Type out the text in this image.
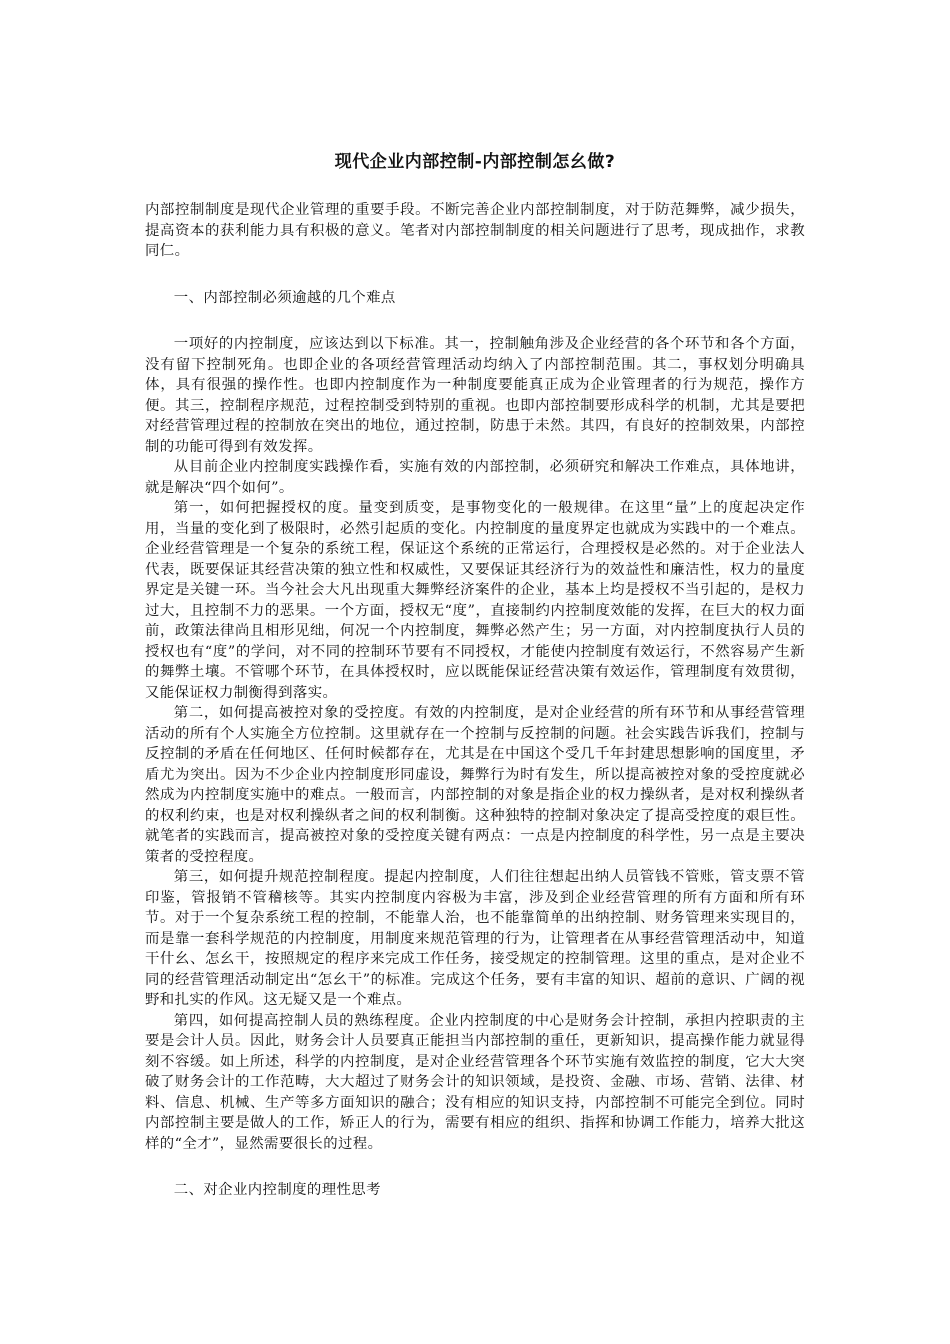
现代企业内部控制-内部控制怎幺做?

内部控制制度是现代企业管理的重要手段。不断完善企业内部控制制度，对于防范舞弊，减少损失，提高资本的获利能力具有积极的意义。笔者对内部控制制度的相关问题进行了思考，现成拙作，求教同仁。

一、内部控制必须逾越的几个难点

一项好的内控制度，应该达到以下标准。其一，控制触角涉及企业经营的各个环节和各个方面，没有留下控制死角。也即企业的各项经营管理活动均纳入了内部控制范围。其二，事权划分明确具体，具有很强的操作性。也即内控制度作为一种制度要能真正成为企业管理者的行为规范，操作方便。其三，控制程序规范，过程控制受到特别的重视。也即内部控制要形成科学的机制，尤其是要把对经营管理过程的控制放在突出的地位，通过控制，防患于未然。其四，有良好的控制效果，内部控制的功能可得到有效发挥。

从目前企业内控制度实践操作看，实施有效的内部控制，必须研究和解决工作难点，具体地讲，就是解决“四个如何”。

第一，如何把握授权的度。量变到质变，是事物变化的一般规律。在这里“量”上的度起决定作用，当量的变化到了极限时，必然引起质的变化。内控制度的量度界定也就成为实践中的一个难点。企业经营管理是一个复杂的系统工程，保证这个系统的正常运行，合理授权是必然的。对于企业法人代表，既要保证其经营决策的独立性和权威性，又要保证其经济行为的效益性和廉洁性，权力的量度界定是关键一环。当今社会大凡出现重大舞弊经济案件的企业，基本上均是授权不当引起的，是权力过大，且控制不力的恶果。一个方面，授权无“度”，直接制约内控制度效能的发挥，在巨大的权力面前，政策法律尚且相形见绌，何况一个内控制度，舞弊必然产生；另一方面，对内控制度执行人员的授权也有“度”的学问，对不同的控制环节要有不同授权，才能使内控制度有效运行，不然容易产生新的舞弊土壤。不管哪个环节，在具体授权时，应以既能保证经营决策有效运作，管理制度有效贯彻，又能保证权力制衡得到落实。

第二，如何提高被控对象的受控度。有效的内控制度，是对企业经营的所有环节和从事经营管理活动的所有个人实施全方位控制。这里就存在一个控制与反控制的问题。社会实践告诉我们，控制与反控制的矛盾在任何地区、任何时候都存在，尤其是在中国这个受几千年封建思想影响的国度里，矛盾尤为突出。因为不少企业内控制度形同虚设，舞弊行为时有发生，所以提高被控对象的受控度就必然成为内控制度实施中的难点。一般而言，内部控制的对象是指企业的权力操纵者，是对权利操纵者的权利约束，也是对权利操纵者之间的权利制衡。这种独特的控制对象决定了提高受控度的艰巨性。就笔者的实践而言，提高被控对象的受控度关键有两点：一点是内控制度的科学性，另一点是主要决策者的受控程度。

第三，如何提升规范控制程度。提起内控制度，人们往往想起出纳人员管钱不管账，管支票不管印鉴，管报销不管稽核等。其实内控制度内容极为丰富，涉及到企业经营管理的所有方面和所有环节。对于一个复杂系统工程的控制，不能靠人治，也不能靠简单的出纳控制、财务管理来实现目的，而是靠一套科学规范的内控制度，用制度来规范管理的行为，让管理者在从事经营管理活动中，知道干什幺、怎幺干，按照规定的程序来完成工作任务，接受规定的控制管理。这里的重点，是对企业不同的经营管理活动制定出“怎幺干”的标准。完成这个任务，要有丰富的知识、超前的意识、广阔的视野和扎实的作风。这无疑又是一个难点。

第四，如何提高控制人员的熟练程度。企业内控制度的中心是财务会计控制，承担内控职责的主要是会计人员。因此，财务会计人员要真正能担当内部控制的重任，更新知识，提高操作能力就显得刻不容缓。如上所述，科学的内控制度，是对企业经营管理各个环节实施有效监控的制度，它大大突破了财务会计的工作范畴，大大超过了财务会计的知识领域，是投资、金融、市场、营销、法律、材料、信息、机械、生产等多方面知识的融合；没有相应的知识支持，内部控制不可能完全到位。同时内部控制主要是做人的工作，矫正人的行为，需要有相应的组织、指挥和协调工作能力，培养大批这样的“全才”，显然需要很长的过程。

二、对企业内控制度的理性思考
